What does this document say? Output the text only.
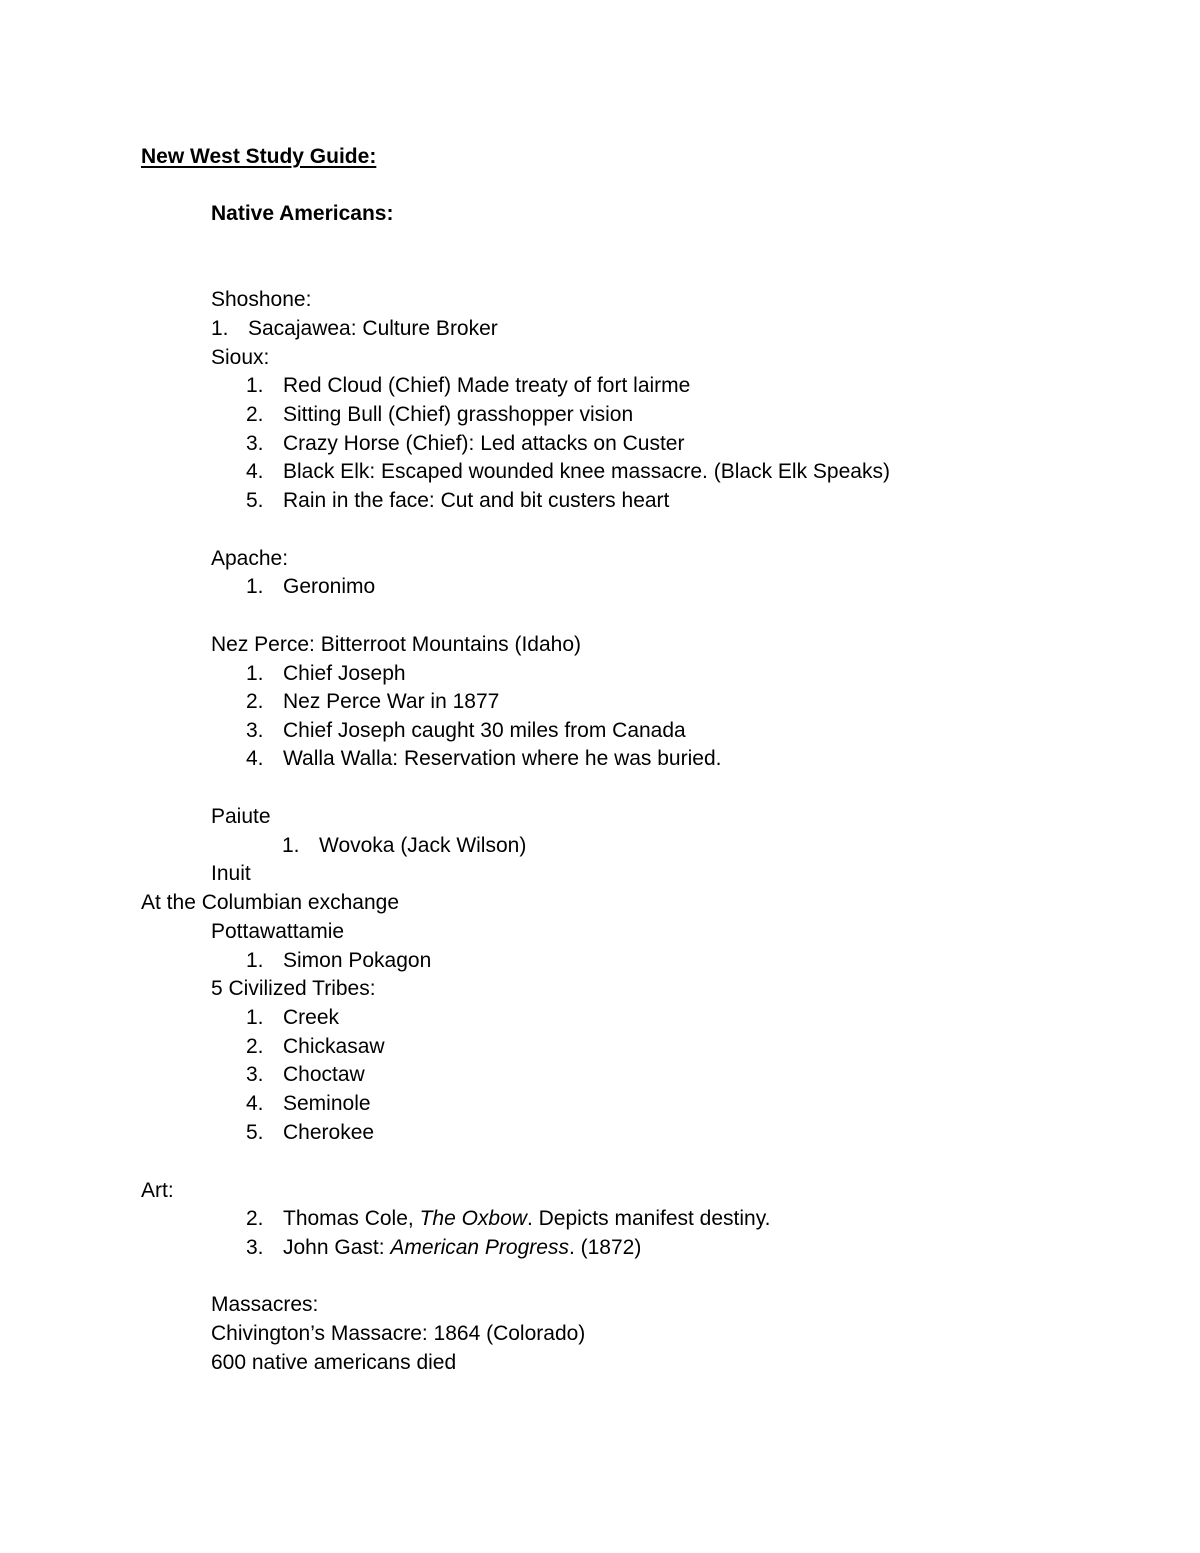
New West Study Guide:
Native Americans:
Shoshone:
1. Sacajawea: Culture Broker
Sioux:
1. Red Cloud (Chief) Made treaty of fort lairme
2. Sitting Bull (Chief) grasshopper vision
3. Crazy Horse (Chief): Led attacks on Custer
4. Black Elk: Escaped wounded knee massacre. (Black Elk Speaks)
5. Rain in the face: Cut and bit custers heart
Apache:
1. Geronimo
Nez Perce: Bitterroot Mountains (Idaho)
1. Chief Joseph
2. Nez Perce War in 1877
3. Chief Joseph caught 30 miles from Canada
4. Walla Walla: Reservation where he was buried.
Paiute
1. Wovoka (Jack Wilson)
Inuit
At the Columbian exchange
Pottawattamie
1. Simon Pokagon
5 Civilized Tribes:
1. Creek
2. Chickasaw
3. Choctaw
4. Seminole
5. Cherokee
Art:
2. Thomas Cole, The Oxbow. Depicts manifest destiny.
3. John Gast: American Progress. (1872)
Massacres:
Chivington’s Massacre: 1864 (Colorado)
600 native americans died
